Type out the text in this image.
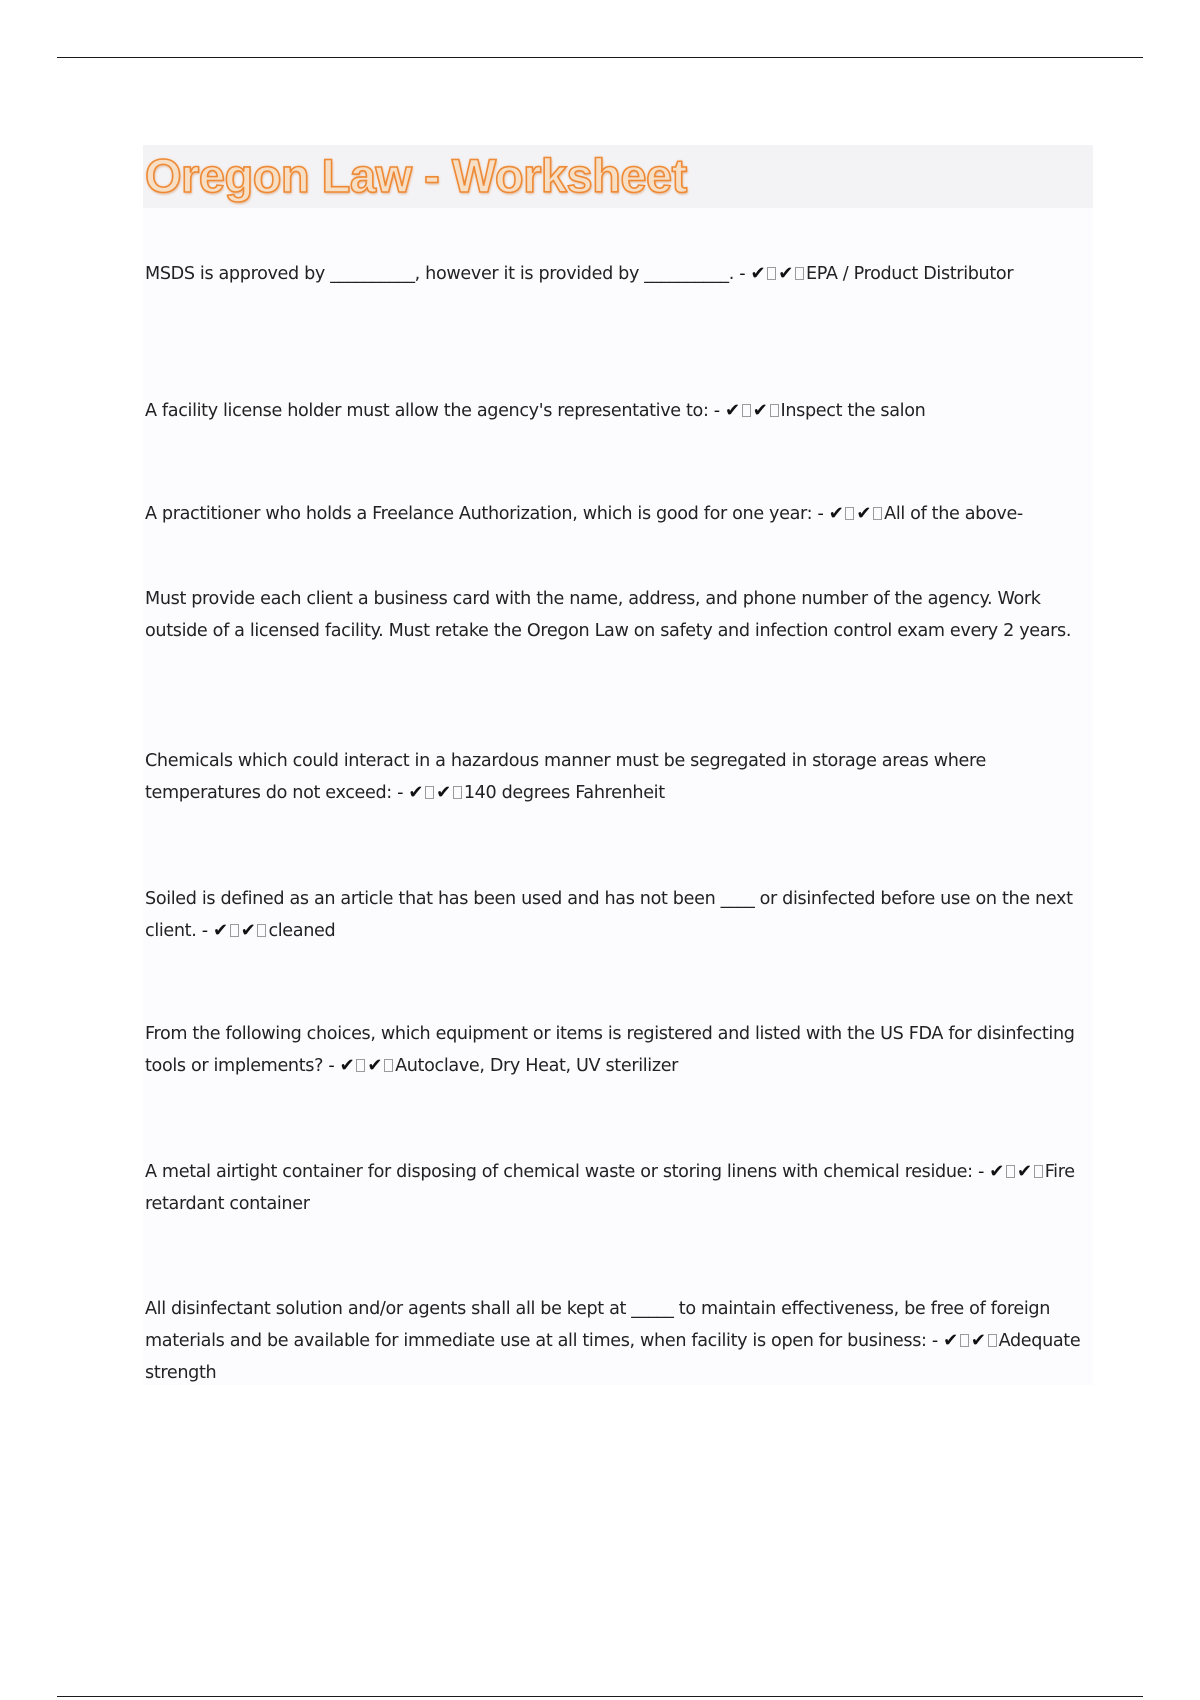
Oregon Law - Worksheet

MSDS is approved by __________, however it is provided by __________. - ✔ ✔ EPA / Product Distributor

A facility license holder must allow the agency's representative to: - ✔ ✔ Inspect the salon

A practitioner who holds a Freelance Authorization, which is good for one year: - ✔ ✔ All of the above-

Must provide each client a business card with the name, address, and phone number of the agency. Work outside of a licensed facility. Must retake the Oregon Law on safety and infection control exam every 2 years.

Chemicals which could interact in a hazardous manner must be segregated in storage areas where temperatures do not exceed: - ✔ ✔ 140 degrees Fahrenheit

Soiled is defined as an article that has been used and has not been ____ or disinfected before use on the next client. - ✔ ✔ cleaned

From the following choices, which equipment or items is registered and listed with the US FDA for disinfecting tools or implements? - ✔ ✔ Autoclave, Dry Heat, UV sterilizer

A metal airtight container for disposing of chemical waste or storing linens with chemical residue: - ✔ ✔ Fire retardant container

All disinfectant solution and/or agents shall all be kept at _____ to maintain effectiveness, be free of foreign materials and be available for immediate use at all times, when facility is open for business: - ✔ ✔ Adequate strength
